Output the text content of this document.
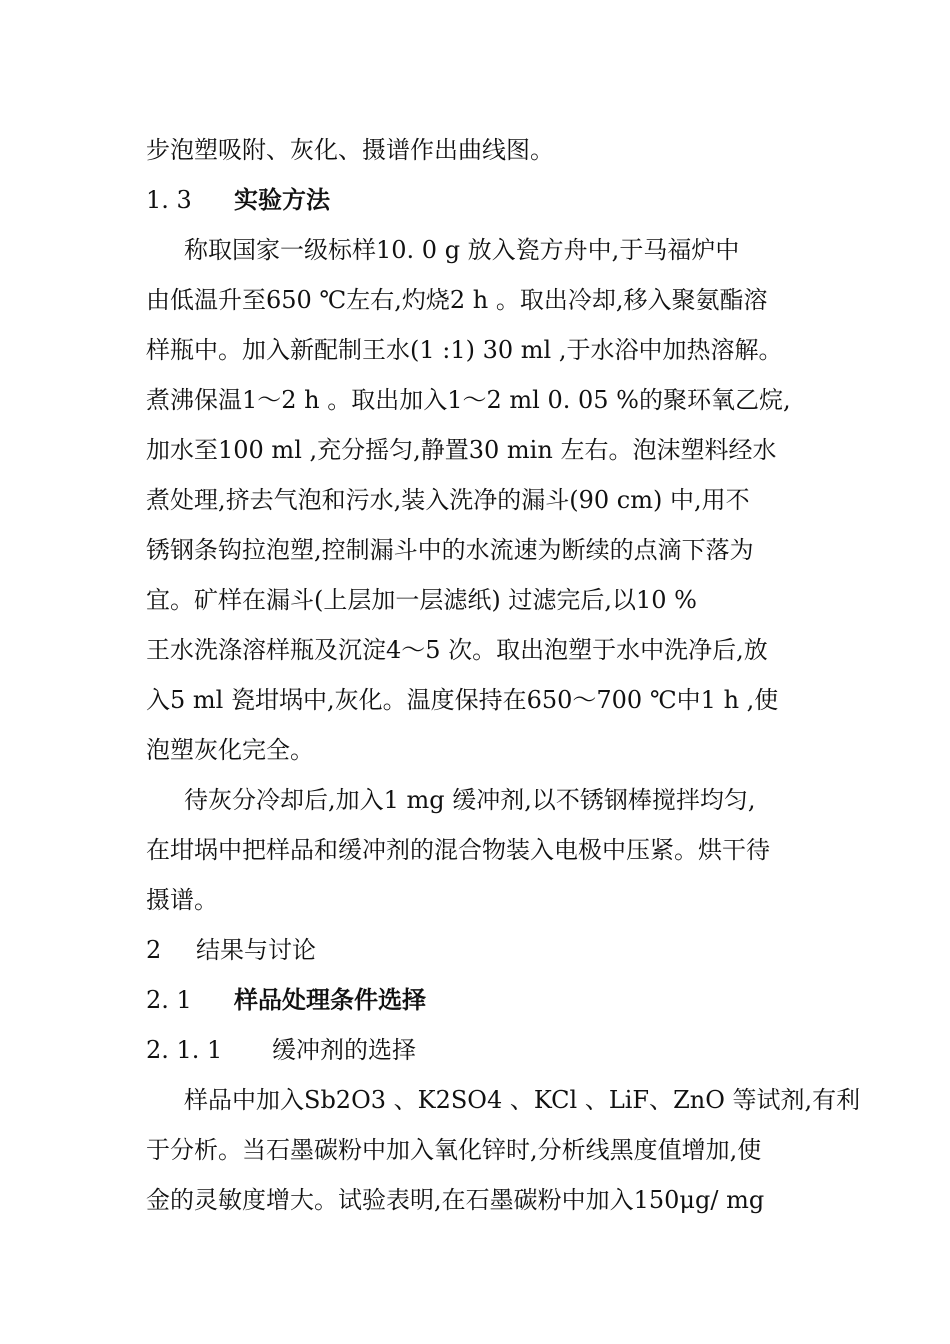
步泡塑吸附、灰化、摄谱作出曲线图。

1. 3 实验方法

称取国家一级标样10. 0 g 放入瓷方舟中,于马福炉中

由低温升至650 ℃左右,灼烧2 h 。取出冷却,移入聚氨酯溶

样瓶中。加入新配制王水(1 :1) 30 ml ,于水浴中加热溶解。

煮沸保温1～2 h 。取出加入1～2 ml 0. 05 %的聚环氧乙烷,

加水至100 ml ,充分摇匀,静置30 min 左右。泡沫塑料经水

煮处理,挤去气泡和污水,装入洗净的漏斗(90 cm) 中,用不

锈钢条钩拉泡塑,控制漏斗中的水流速为断续的点滴下落为

宜。矿样在漏斗(上层加一层滤纸) 过滤完后,以10 %

王水洗涤溶样瓶及沉淀4～5 次。取出泡塑于水中洗净后,放

入5 ml 瓷坩埚中,灰化。温度保持在650～700 ℃中1 h ,使

泡塑灰化完全。

待灰分冷却后,加入1 mg 缓冲剂,以不锈钢棒搅拌均匀,

在坩埚中把样品和缓冲剂的混合物装入电极中压紧。烘干待

摄谱。

2 结果与讨论

2. 1 样品处理条件选择

2. 1. 1 缓冲剂的选择

样品中加入Sb2O3 、K2SO4 、KCl 、LiF、ZnO 等试剂,有利

于分析。当石墨碳粉中加入氧化锌时,分析线黑度值增加,使

金的灵敏度增大。试验表明,在石墨碳粉中加入150μg/ mg
